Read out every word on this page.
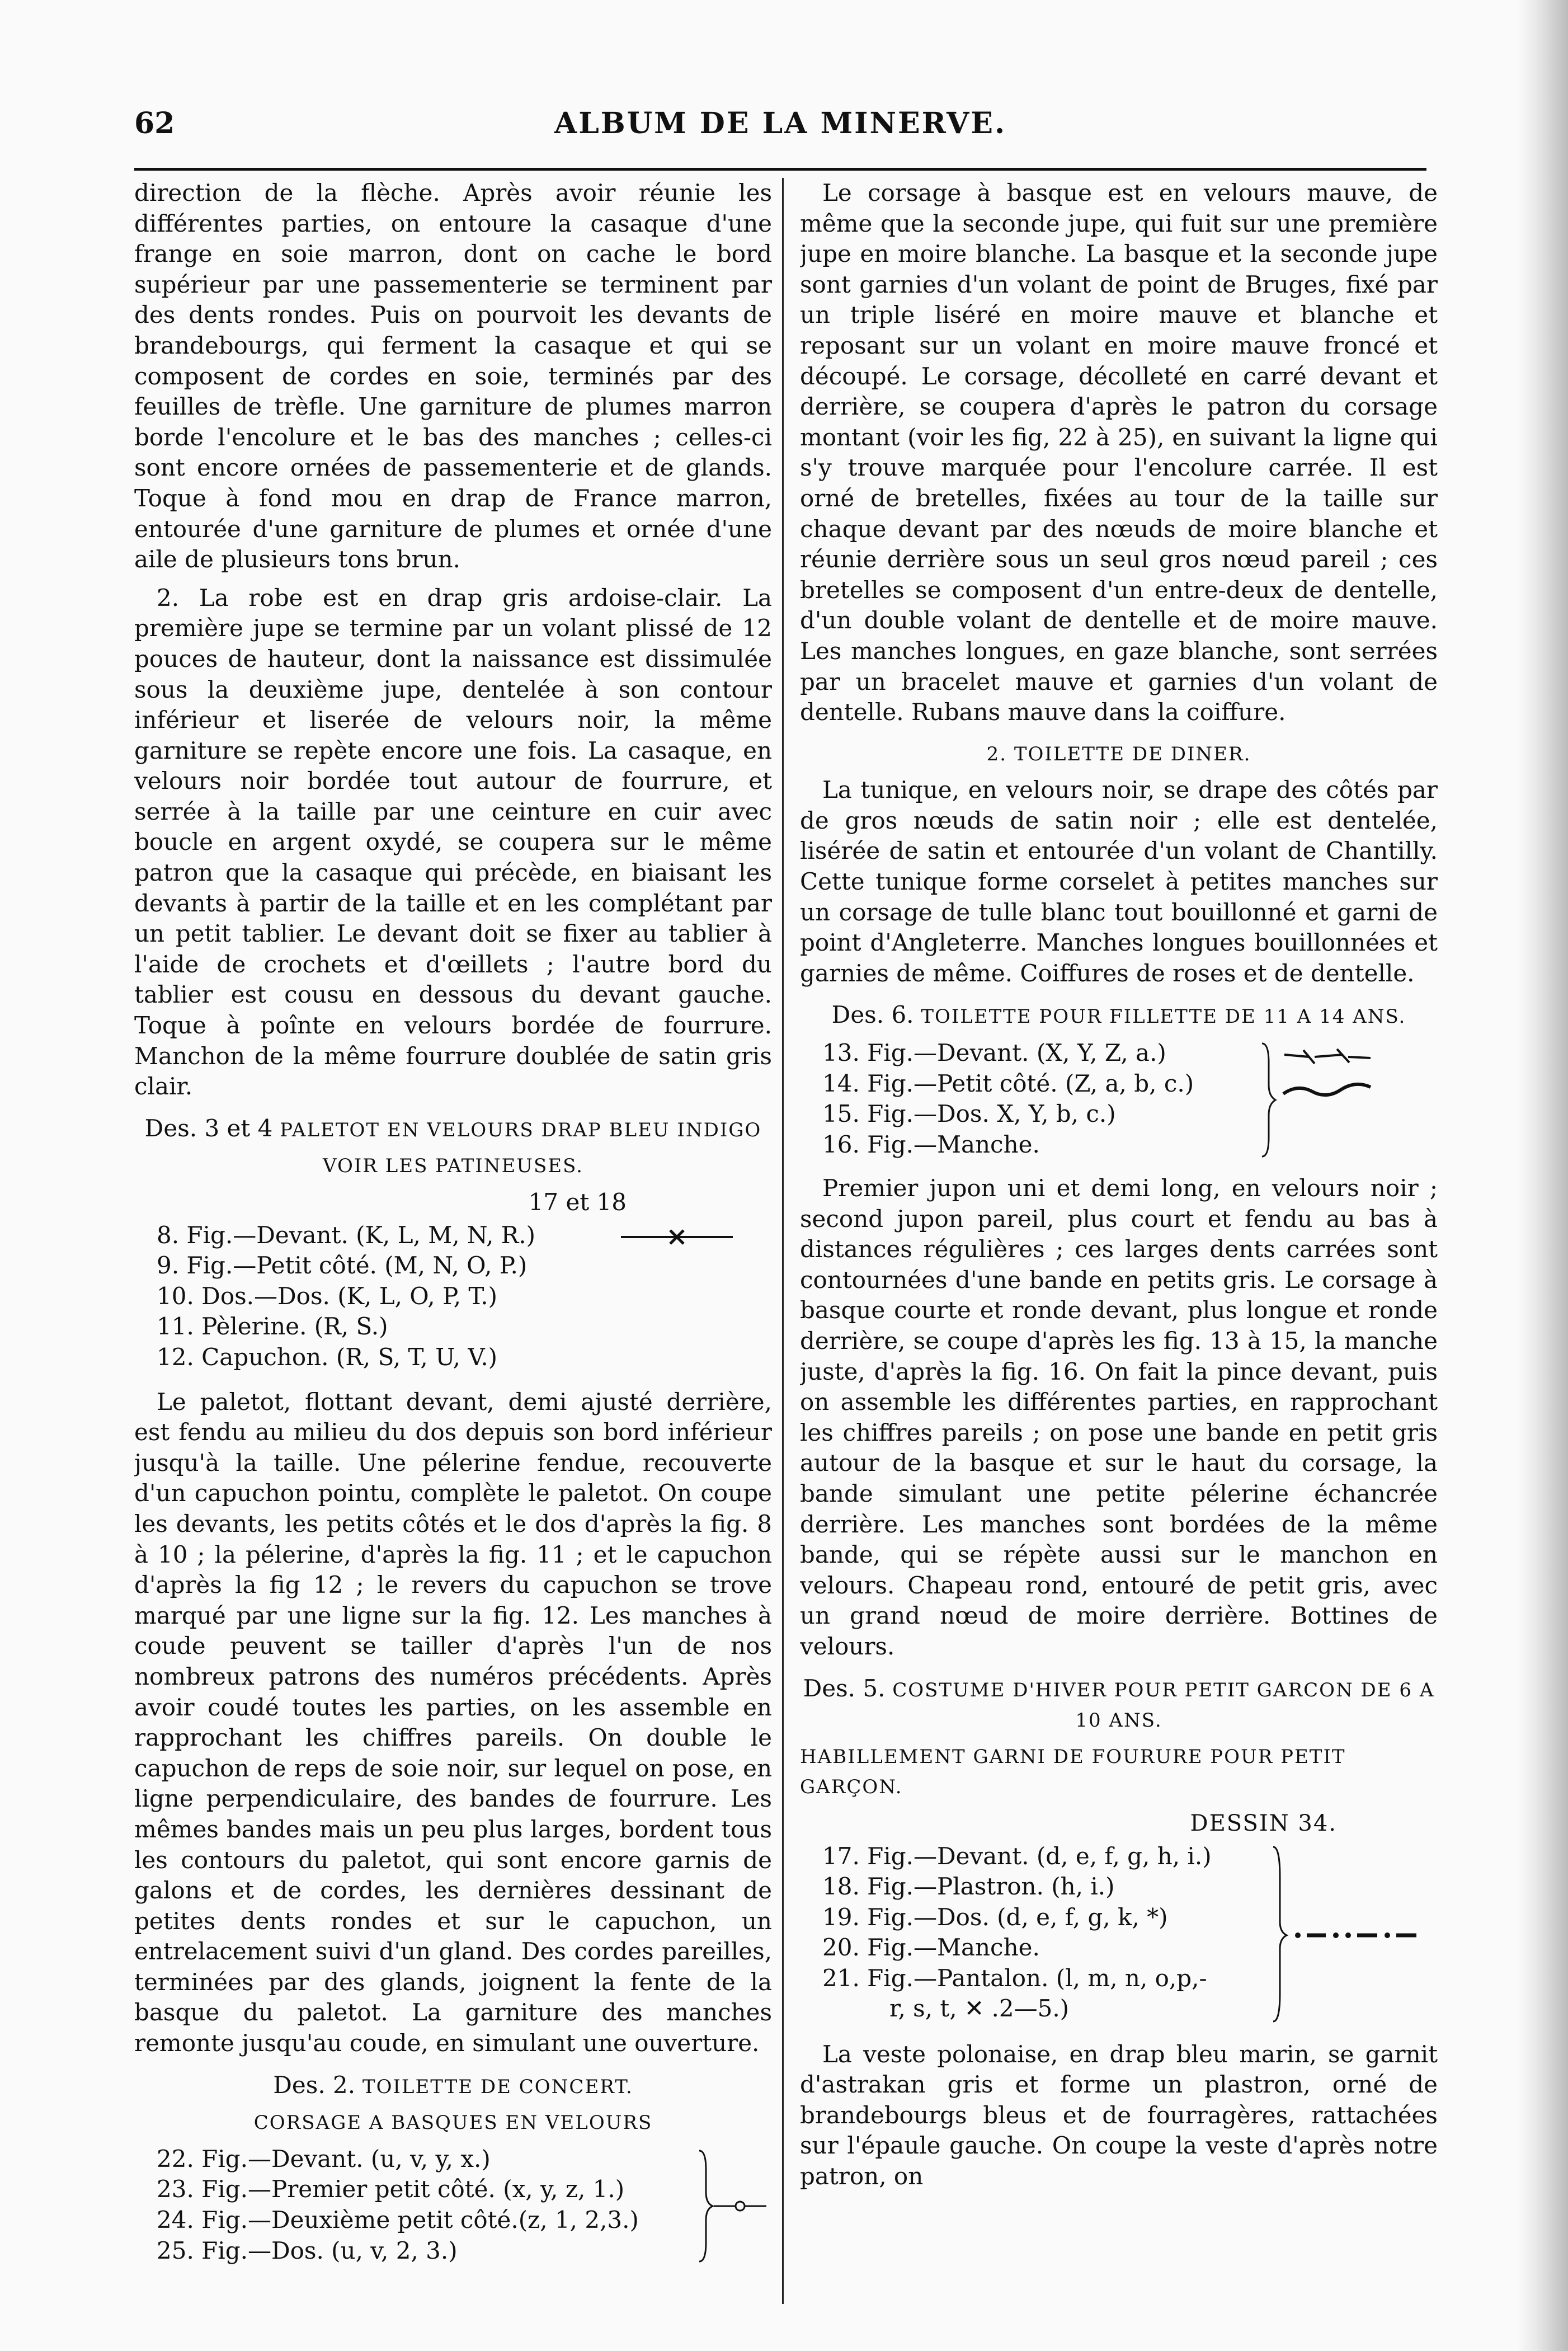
62	ALBUM DE LA MINERVE.

direction de la flèche. Après avoir réunie les différentes parties, on entoure la casaque d'une frange en soie marron, dont on cache le bord supérieur par une passementerie se terminent par des dents rondes. Puis on pourvoit les devants de brandebourgs, qui ferment la casaque et qui se composent de cordes en soie, terminés par des feuilles de trèfle. Une garniture de plumes marron borde l'encolure et le bas des manches ; celles-ci sont encore ornées de passementerie et de glands. Toque à fond mou en drap de France marron, entourée d'une garniture de plumes et ornée d'une aile de plusieurs tons brun.

2. La robe est en drap gris ardoise-clair. La première jupe se termine par un volant plissé de 12 pouces de hauteur, dont la naissance est dissimulée sous la deuxième jupe, dentelée à son contour inférieur et liserée de velours noir, la même garniture se repète encore une fois. La casaque, en velours noir bordée tout autour de fourrure, et serrée à la taille par une ceinture en cuir avec boucle en argent oxydé, se coupera sur le même patron que la casaque qui précède, en biaisant les devants à partir de la taille et en les complétant par un petit tablier. Le devant doit se fixer au tablier à l'aide de crochets et d'œillets ; l'autre bord du tablier est cousu en dessous du devant gauche. Toque à poînte en velours bordée de fourrure. Manchon de la même fourrure doublée de satin gris clair.

Des. 3 et 4 PALETOT EN VELOURS DRAP BLEU INDIGO
VOIR LES PATINEUSES.
17 et 18
8. Fig.—Devant. (K, L, M, N, R.)
9. Fig.—Petit côté. (M, N, O, P.)
10. Dos.—Dos. (K, L, O, P, T.)
11. Pèlerine. (R, S.)
12. Capuchon. (R, S, T, U, V.)

Le paletot, flottant devant, demi ajusté derrière, est fendu au milieu du dos depuis son bord inférieur jusqu'à la taille. Une pélerine fendue, recouverte d'un capuchon pointu, complète le paletot. On coupe les devants, les petits côtés et le dos d'après la fig. 8 à 10 ; la pélerine, d'après la fig. 11 ; et le capuchon d'après la fig 12 ; le revers du capuchon se trove marqué par une ligne sur la fig. 12. Les manches à coude peuvent se tailler d'après l'un de nos nombreux patrons des numéros précédents. Après avoir coudé toutes les parties, on les assemble en rapprochant les chiffres pareils. On double le capuchon de reps de soie noir, sur lequel on pose, en ligne perpendiculaire, des bandes de fourrure. Les mêmes bandes mais un peu plus larges, bordent tous les contours du paletot, qui sont encore garnis de galons et de cordes, les dernières dessinant de petites dents rondes et sur le capuchon, un entrelacement suivi d'un gland. Des cordes pareilles, terminées par des glands, joignent la fente de la basque du paletot. La garniture des manches remonte jusqu'au coude, en simulant une ouverture.

Des. 2. TOILETTE DE CONCERT.
CORSAGE A BASQUES EN VELOURS
22. Fig.—Devant. (u, v, y, x.)
23. Fig.—Premier petit côté. (x, y, z, 1.)
24. Fig.—Deuxième petit côté.(z, 1, 2,3.)
25. Fig.—Dos. (u, v, 2, 3.)

Le corsage à basque est en velours mauve, de même que la seconde jupe, qui fuit sur une première jupe en moire blanche. La basque et la seconde jupe sont garnies d'un volant de point de Bruges, fixé par un triple liséré en moire mauve et blanche et reposant sur un volant en moire mauve froncé et découpé. Le corsage, décolleté en carré devant et derrière, se coupera d'après le patron du corsage montant (voir les fig, 22 à 25), en suivant la ligne qui s'y trouve marquée pour l'encolure carrée. Il est orné de bretelles, fixées au tour de la taille sur chaque devant par des nœuds de moire blanche et réunie derrière sous un seul gros nœud pareil ; ces bretelles se composent d'un entre-deux de dentelle, d'un double volant de dentelle et de moire mauve. Les manches longues, en gaze blanche, sont serrées par un bracelet mauve et garnies d'un volant de dentelle. Rubans mauve dans la coiffure.

2. TOILETTE DE DINER.

La tunique, en velours noir, se drape des côtés par de gros nœuds de satin noir ; elle est dentelée, lisérée de satin et entourée d'un volant de Chantilly. Cette tunique forme corselet à petites manches sur un corsage de tulle blanc tout bouillonné et garni de point d'Angleterre. Manches longues bouillonnées et garnies de même. Coiffures de roses et de dentelle.

Des. 6. TOILETTE POUR FILLETTE DE 11 A 14 ANS.
13. Fig.—Devant. (X, Y, Z, a.)
14. Fig.—Petit côté. (Z, a, b, c.)
15. Fig.—Dos. X, Y, b, c.)
16. Fig.—Manche.

Premier jupon uni et demi long, en velours noir ; second jupon pareil, plus court et fendu au bas à distances régulières ; ces larges dents carrées sont contournées d'une bande en petits gris. Le corsage à basque courte et ronde devant, plus longue et ronde derrière, se coupe d'après les fig. 13 à 15, la manche juste, d'après la fig. 16. On fait la pince devant, puis on assemble les différentes parties, en rapprochant les chiffres pareils ; on pose une bande en petit gris autour de la basque et sur le haut du corsage, la bande simulant une petite pélerine échancrée derrière. Les manches sont bordées de la même bande, qui se répète aussi sur le manchon en velours. Chapeau rond, entouré de petit gris, avec un grand nœud de moire derrière. Bottines de velours.

Des. 5. COSTUME D'HIVER POUR PETIT GARCON DE 6 A 10 ANS.
HABILLEMENT GARNI DE FOURURE POUR PETIT GARÇON.
DESSIN 34.
17. Fig.—Devant. (d, e, f, g, h, i.)
18. Fig.—Plastron. (h, i.)
19. Fig.—Dos. (d, e, f, g, k, *)
20. Fig.—Manche.
21. Fig.—Pantalon. (l, m, n, o,p,-
r, s, t, ✕ .2—5.)

La veste polonaise, en drap bleu marin, se garnit d'astrakan gris et forme un plastron, orné de brandebourgs bleus et de fourragères, rattachées sur l'épaule gauche. On coupe la veste d'après notre patron, on
